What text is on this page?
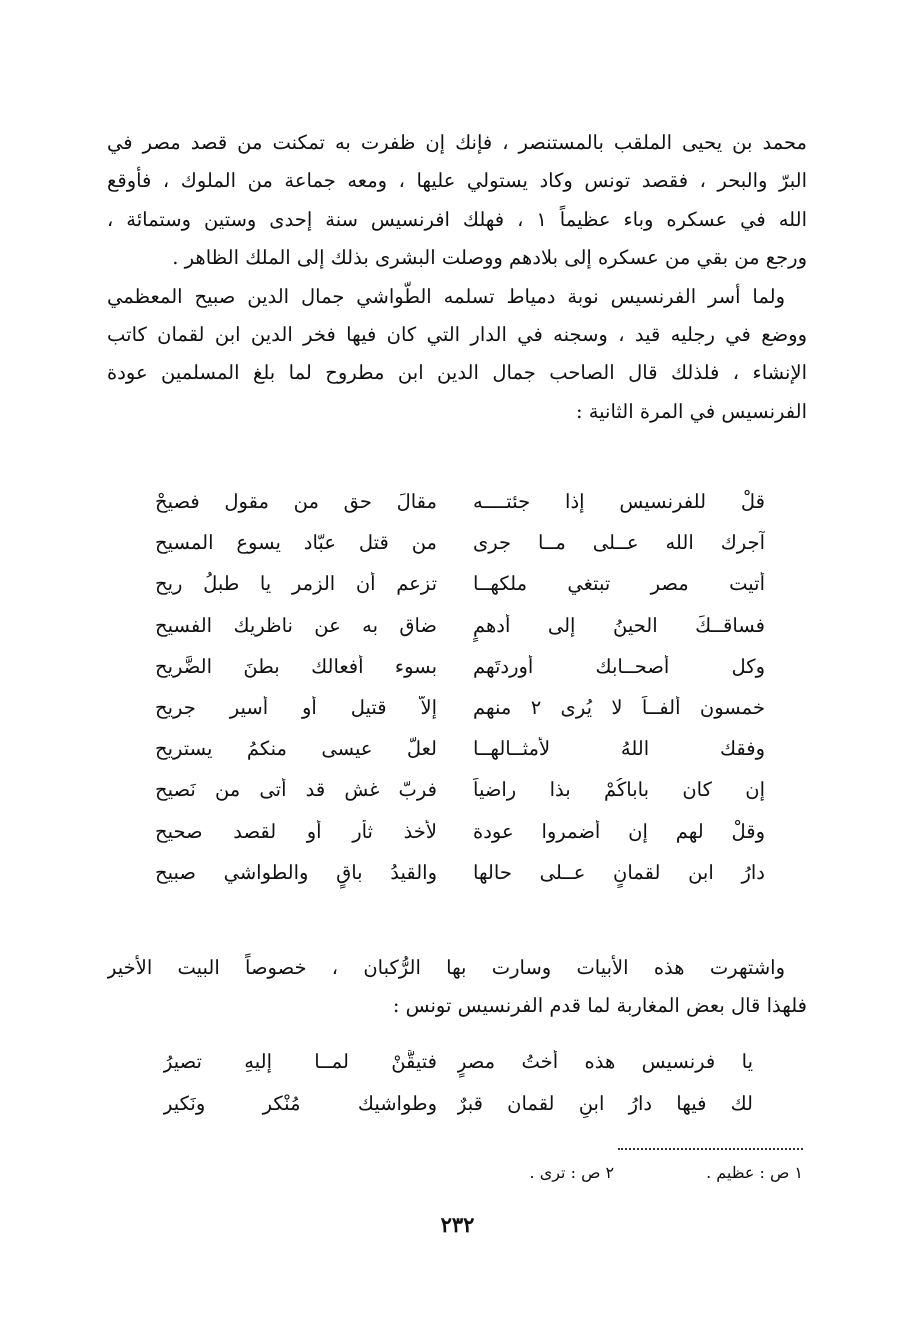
محمد بن يحيى الملقب بالمستنصر ، فإنك إن ظفرت به تمكنت من قصد مصر في
البرّ والبحر ، فقصد تونس وكاد يستولي عليها ، ومعه جماعة من الملوك ، فأوقع
الله في عسكره وباء عظيماً ١ ، فهلك افرنسيس سنة إحدى وستين وستمائة ،
ورجع من بقي من عسكره إلى بلادهم ووصلت البشرى بذلك إلى الملك الظاهر .
ولما أسر الفرنسيس نوبة دمياط تسلمه الطّواشي جمال الدين صبيح المعظمي
ووضع في رجليه قيد ، وسجنه في الدار التي كان فيها فخر الدين ابن لقمان كاتب
الإنشاء ، فلذلك قال الصاحب جمال الدين ابن مطروح لما بلغ المسلمين عودة
الفرنسيس في المرة الثانية :
قلْ للفرنسيس إذا جئتــــه
مقالَ حق من مقول فصيحْ
آجرك الله عــلى مــا جرى
من قتل عبّاد يسوع المسيح
أتيت مصر تبتغي ملكهــا
تزعم أن الزمر يا طبلُ ريح
فساقــكَ الحينُ إلى أدهمٍ
ضاق به عن ناظريك الفسيح
وكل أصحــابك أوردتَهم
بسوء أفعالك بطنَ الضَّريح
خمسون ألفــاً لا يُرى ٢ منهم
إلاّ قتيل أو أسير جريح
وفقك اللهُ لأمثــالهــا
لعلَّ عيسى منكمُ يستريح
إن كان باباكُمْ بذا راضياً
فربّ غش قد أتى من نَصيح
وقلْ لهم إن أضمروا عودة
لأخذ ثأر أو لقصد صحيح
دارُ ابن لقمانٍ عــلى حالها
والقيدُ باقٍ والطواشي صبيح
واشتهرت هذه الأبيات وسارت بها الرُّكبان ، خصوصاً البيت الأخير
فلهذا قال بعض المغاربة لما قدم الفرنسيس تونس :
يا فرنسيس هذه أختُ مصرٍ
فتيقَّنْ لمــا إليهِ تصيرُ
لك فيها دارُ ابنِ لقمان قبرٌ
وطواشيك مُنْكر ونَكير
١ ص : عظيم .
٢ ص : ترى .
٢٣٢
